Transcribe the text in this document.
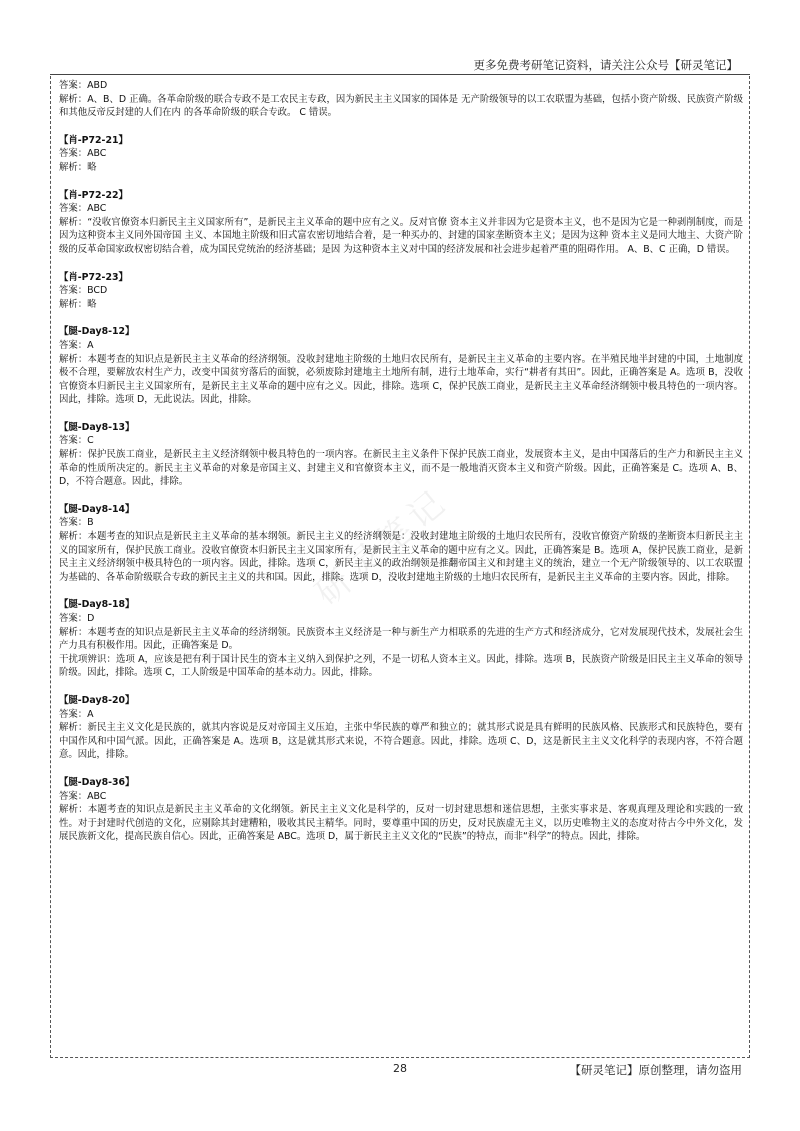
更多免费考研笔记资料，请关注公众号【研灵笔记】
研灵笔记

答案：ABD

解析：A、B、D 正确。各革命阶级的联合专政不是工农民主专政，因为新民主主义国家的国体是 无产阶级领导的以工农联盟为基础，包括小资产阶级、民族资产阶级和其他反帝反封建的人们在内 的各革命阶级的联合专政。 C 错误。

【肖-P72-21】

答案：ABC

解析：略

【肖-P72-22】

答案：ABC

解析：“没收官僚资本归新民主主义国家所有”，是新民主主义革命的题中应有之义。反对官僚 资本主义并非因为它是资本主义，也不是因为它是一种剥削制度，而是因为这种资本主义同外国帝国 主义、本国地主阶级和旧式富农密切地结合着，是一种买办的、封建的国家垄断资本主义；是因为这种 资本主义是同大地主、大资产阶级的反革命国家政权密切结合着，成为国民党统治的经济基础；是因 为这种资本主义对中国的经济发展和社会进步起着严重的阻碍作用。 A、B、C 正确，D 错误。

【肖-P72-23】

答案：BCD

解析：略

【腿-Day8-12】

答案：A

解析：本题考查的知识点是新民主主义革命的经济纲领。没收封建地主阶级的土地归农民所有，是新民主主义革命的主要内容。在半殖民地半封建的中国，土地制度极不合理，要解放农村生产力，改变中国贫穷落后的面貌，必须废除封建地主土地所有制，进行土地革命，实行“耕者有其田”。因此，正确答案是 A。选项 B，没收官僚资本归新民主主义国家所有，是新民主主义革命的题中应有之义。因此，排除。选项 C，保护民族工商业，是新民主主义革命经济纲领中极具特色的一项内容。因此，排除。选项 D，无此说法。因此，排除。

【腿-Day8-13】

答案：C

解析：保护民族工商业，是新民主主义经济纲领中极具特色的一项内容。在新民主主义条件下保护民族工商业，发展资本主义，是由中国落后的生产力和新民主主义革命的性质所决定的。新民主主义革命的对象是帝国主义、封建主义和官僚资本主义，而不是一般地消灭资本主义和资产阶级。因此，正确答案是 C。选项 A、B、D，不符合题意。因此，排除。

【腿-Day8-14】

答案：B

解析：本题考查的知识点是新民主主义革命的基本纲领。新民主主义的经济纲领是：没收封建地主阶级的土地归农民所有，没收官僚资产阶级的垄断资本归新民主主义的国家所有，保护民族工商业。没收官僚资本归新民主主义国家所有，是新民主主义革命的题中应有之义。因此，正确答案是 B。选项 A，保护民族工商业，是新民主主义经济纲领中极具特色的一项内容。因此，排除。选项 C，新民主主义的政治纲领是推翻帝国主义和封建主义的统治，建立一个无产阶级领导的、以工农联盟为基础的、各革命阶级联合专政的新民主主义的共和国。因此，排除。选项 D，没收封建地主阶级的土地归农民所有，是新民主主义革命的主要内容。因此，排除。

【腿-Day8-18】

答案：D

解析：本题考查的知识点是新民主主义革命的经济纲领。民族资本主义经济是一种与新生产力相联系的先进的生产方式和经济成分，它对发展现代技术，发展社会生产力具有积极作用。因此，正确答案是 D。

干扰项辨识：选项 A，应该是把有利于国计民生的资本主义纳入到保护之列，不是一切私人资本主义。因此，排除。选项 B，民族资产阶级是旧民主主义革命的领导阶级。因此，排除。选项 C，工人阶级是中国革命的基本动力。因此，排除。

【腿-Day8-20】

答案：A

解析：新民主主义文化是民族的，就其内容说是反对帝国主义压迫，主张中华民族的尊严和独立的；就其形式说是具有鲜明的民族风格、民族形式和民族特色，要有中国作风和中国气派。因此，正确答案是 A。选项 B，这是就其形式来说，不符合题意。因此，排除。选项 C、D，这是新民主主义文化科学的表现内容，不符合题意。因此，排除。

【腿-Day8-36】

答案：ABC

解析：本题考查的知识点是新民主主义革命的文化纲领。新民主主义文化是科学的，反对一切封建思想和迷信思想，主张实事求是、客观真理及理论和实践的一致性。对于封建时代创造的文化，应剔除其封建糟粕，吸收其民主精华。同时，要尊重中国的历史，反对民族虚无主义，以历史唯物主义的态度对待古今中外文化，发展民族新文化，提高民族自信心。因此，正确答案是 ABC。选项 D，属于新民主主义文化的“民族”的特点，而非“科学”的特点。因此，排除。

28	【研灵笔记】原创整理，请勿盗用
